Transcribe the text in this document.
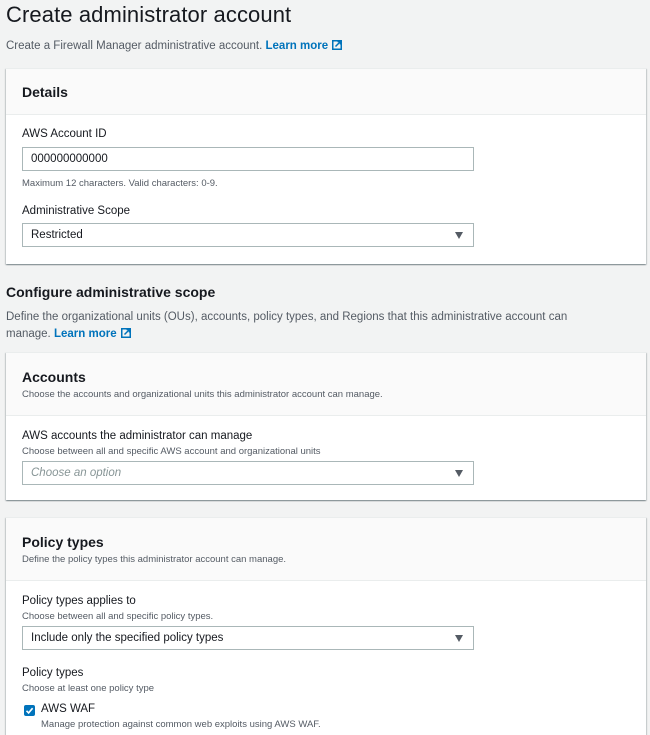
Create administrator account
Create a Firewall Manager administrative account. Learn more
Details
AWS Account ID
000000000000
Maximum 12 characters. Valid characters: 0-9.
Administrative Scope
Restricted
Configure administrative scope
Define the organizational units (OUs), accounts, policy types, and Regions that this administrative account can manage. Learn more
Accounts
Choose the accounts and organizational units this administrator account can manage.
AWS accounts the administrator can manage
Choose between all and specific AWS account and organizational units
Choose an option
Policy types
Define the policy types this administrator account can manage.
Policy types applies to
Choose between all and specific policy types.
Include only the specified policy types
Policy types
Choose at least one policy type
AWS WAF
Manage protection against common web exploits using AWS WAF.
